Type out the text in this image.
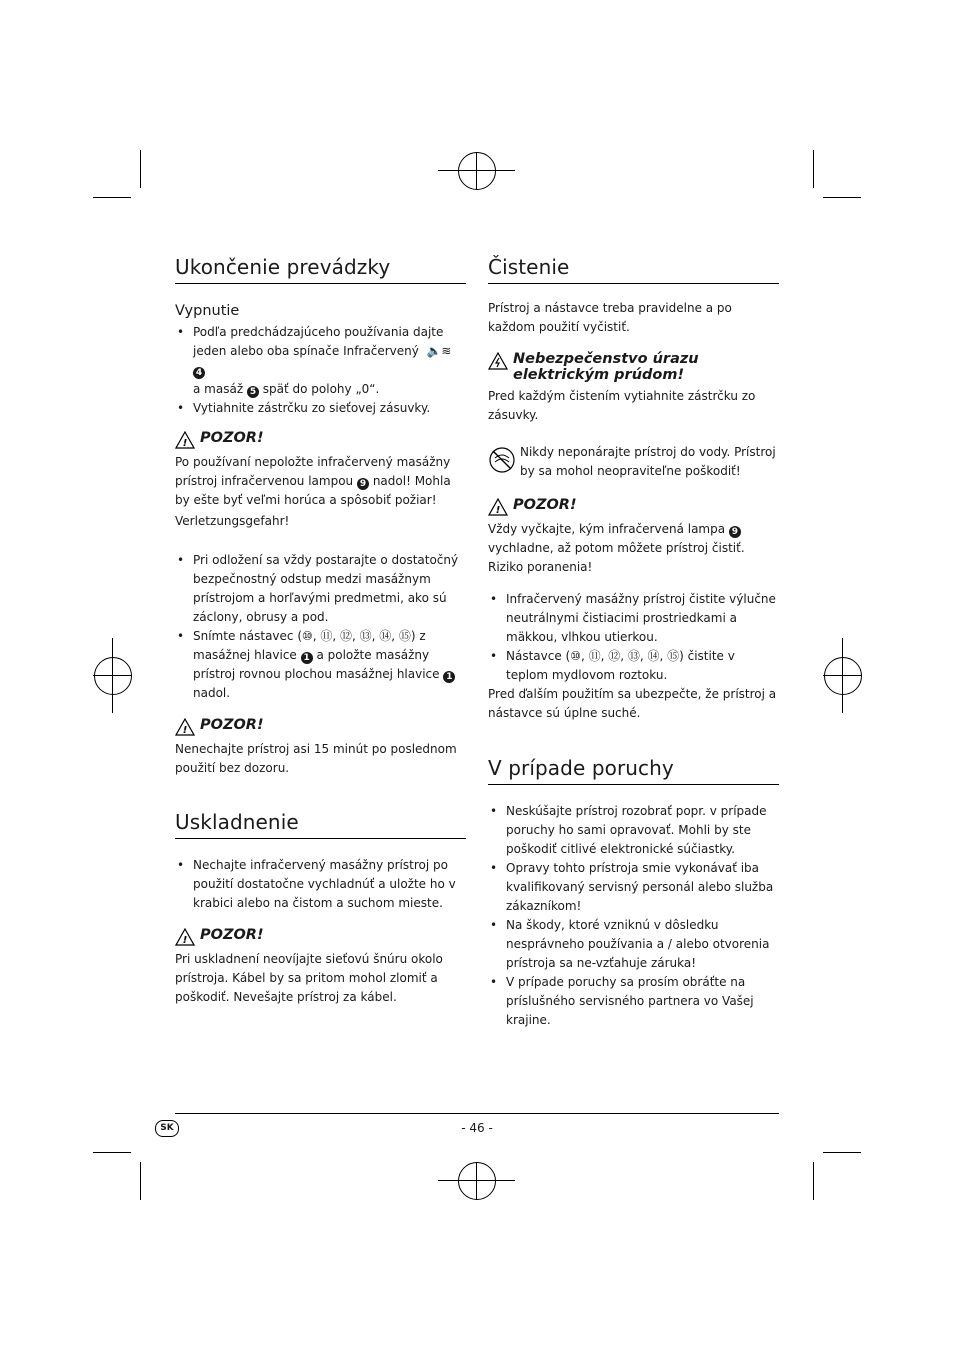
Ukončenie prevádzky
Vypnutie
• Podľa predchádzajúceho používania dajte jeden alebo oba spínače Infračervený  🔈≋ 4
a masáž 5 späť do polohy „0“.
• Vytiahnite zástrčku zo sieťovej zásuvky.
! POZOR!

Po používaní nepoložte infračervený masážny prístroj infračervenou lampou 9 nadol! Mohla by ešte byť veľmi horúca a spôsobiť požiar!

Verletzungsgefahr!

• Pri odložení sa vždy postarajte o dostatočný bezpečnostný odstup medzi masážnym prístrojom a horľavými predmetmi, ako sú záclony, obrusy a pod.
• Snímte nástavec (⑩, ⑪, ⑫, ⑬, ⑭, ⑮) z masážnej hlavice 1 a položte masážny prístroj rovnou plochou masážnej hlavice 1 nadol.
! POZOR!

Nenechajte prístroj asi 15 minút po poslednom použití bez dozoru.

Uskladnenie
• Nechajte infračervený masážny prístroj po použití dostatočne vychladnúť a uložte ho v krabici alebo na čistom a suchom mieste.
! POZOR!

Pri uskladnení neovíjajte sieťovú šnúru okolo prístroja. Kábel by sa pritom mohol zlomiť a poškodiť. Nevešajte prístroj za kábel.

Čistenie

Prístroj a nástavce treba pravidelne a po každom použití vyčistiť.

Nebezpečenstvo úrazu elektrickým prúdom!

Pred každým čistením vytiahnite zástrčku zo zásuvky.

Nikdy neponárajte prístroj do vody. Prístroj by sa mohol neopraviteľne poškodiť!

! POZOR!

Vždy vyčkajte, kým infračervená lampa 9 vychladne, až potom môžete prístroj čistiť.

Riziko poranenia!

• Infračervený masážny prístroj čistite výlučne neutrálnymi čistiacimi prostriedkami a mäkkou, vlhkou utierkou.
• Nástavce (⑩, ⑪, ⑫, ⑬, ⑭, ⑮) čistite v teplom mydlovom roztoku.

Pred ďalším použitím sa ubezpečte, že prístroj a nástavce sú úplne suché.

V prípade poruchy
• Neskúšajte prístroj rozobrať popr. v prípade poruchy ho sami opravovať. Mohli by ste poškodiť citlivé elektronické súčiastky.
• Opravy tohto prístroja smie vykonávať iba kvalifikovaný servisný personál alebo služba zákazníkom!
• Na škody, ktoré vzniknú v dôsledku nesprávneho používania a / alebo otvorenia prístroja sa ne-vzťahuje záruka!
• V prípade poruchy sa prosím obráťte na príslušného servisného partnera vo Vašej krajine.
SK	- 46 -
